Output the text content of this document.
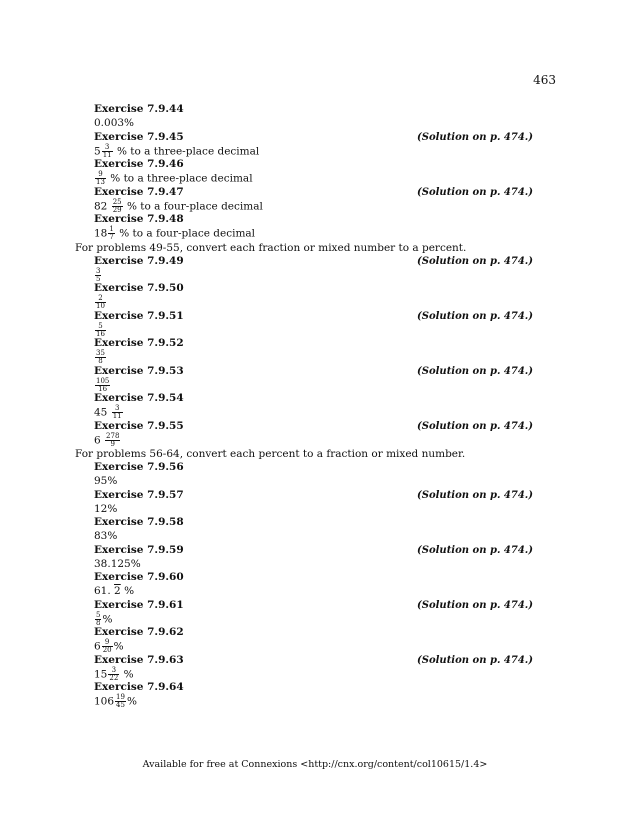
463
Exercise 7.9.44
0.003%
Exercise 7.9.45	(Solution on p. 474.)
$5 \frac{3}{11}$ % to a three-place decimal
Exercise 7.9.46
$\frac{9}{13}$ % to a three-place decimal
Exercise 7.9.47	(Solution on p. 474.)
$82 \frac{25}{29}$ % to a four-place decimal
Exercise 7.9.48
$18 \frac{1}{7}$ % to a four-place decimal

For problems 49-55, convert each fraction or mixed number to a percent.

Exercise 7.9.49	(Solution on p. 474.)
$\frac{3}{5}$
Exercise 7.9.50
$\frac{2}{10}$
Exercise 7.9.51	(Solution on p. 474.)
$\frac{5}{16}$
Exercise 7.9.52
$\frac{35}{8}$
Exercise 7.9.53	(Solution on p. 474.)
$\frac{105}{16}$
Exercise 7.9.54
$45 \frac{3}{11}$
Exercise 7.9.55	(Solution on p. 474.)
$6 \frac{278}{9}$

For problems 56-64, convert each percent to a fraction or mixed number.

Exercise 7.9.56
95%
Exercise 7.9.57	(Solution on p. 474.)
12%
Exercise 7.9.58
83%
Exercise 7.9.59	(Solution on p. 474.)
38.125%
Exercise 7.9.60
61. 2 %
Exercise 7.9.61	(Solution on p. 474.)
$\frac{5}{8}$ %
Exercise 7.9.62
$6 \frac{9}{20}$ %
Exercise 7.9.63	(Solution on p. 474.)
$15 \frac{3}{22}$ %
Exercise 7.9.64
$106 \frac{19}{45}$ %
Available for free at Connexions <http://cnx.org/content/col10615/1.4>
